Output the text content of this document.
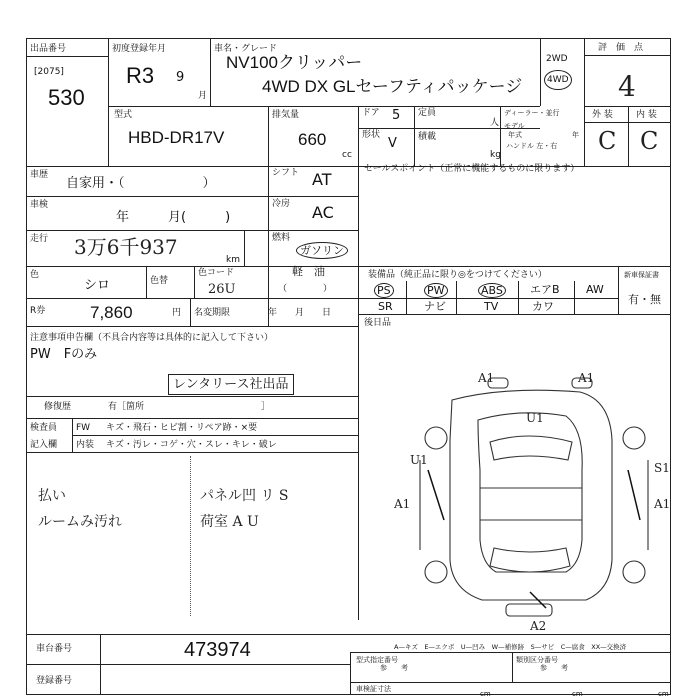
出品番号
[2075]
530
初度登録年月
R3 9
月
車名・グレード
NV100クリッパー
4WD DX GLセーフティパッケージ
2WD
4WD
評　価　点
4
外 装	内 装
C C
型式
HBD-DR17V
排気量
660
cc
ドア 5
形状
V
定員
人
積載
kg
ディーラー・並行
モデル
年式	年
ハンドル 左・右
車歴
自家用・（　　　　　　）
車検
年　　　月(　　　)
走行 3万6千937
km
色
シロ	色替
色コード
26U
R券	7,860	円 名変期限	年　　月　　日
シフト AT
冷房 AC
燃料
ガソリン
軽　油
（　　　　）
セールスポイント（正常に機能するものに限ります）
装備品（純正品に限り◎をつけてください）	新車保証書
有・無
後日品
PS	PW	ABS エアB AW
SR	ナビ	TV	カワ
注意事項申告欄（不具合内容等は具体的に記入して下さい）
PW　Fのみ
レンタリース社出品
修復歴	有［箇所　　　　　　　　　　　　　］
検査員
記入欄
FW キズ・飛石・ヒビ割・リペア跡・×要
内装 キズ・汚レ・コゲ・穴・スレ・キレ・破レ
払い
ルームみ汚れ
パネル凹 リ S
荷室 A U
A1	A1
U1
U1
S1
A1	A1
A2
A—キズ　E—エクボ　U—凹み　W—補修跡　S—サビ　C—腐食　XX—交換済
車台番号	473974
登録番号
型式指定番号
参　　考
類別区分番号
参　　考
車検証寸法
cm	cm	cm
